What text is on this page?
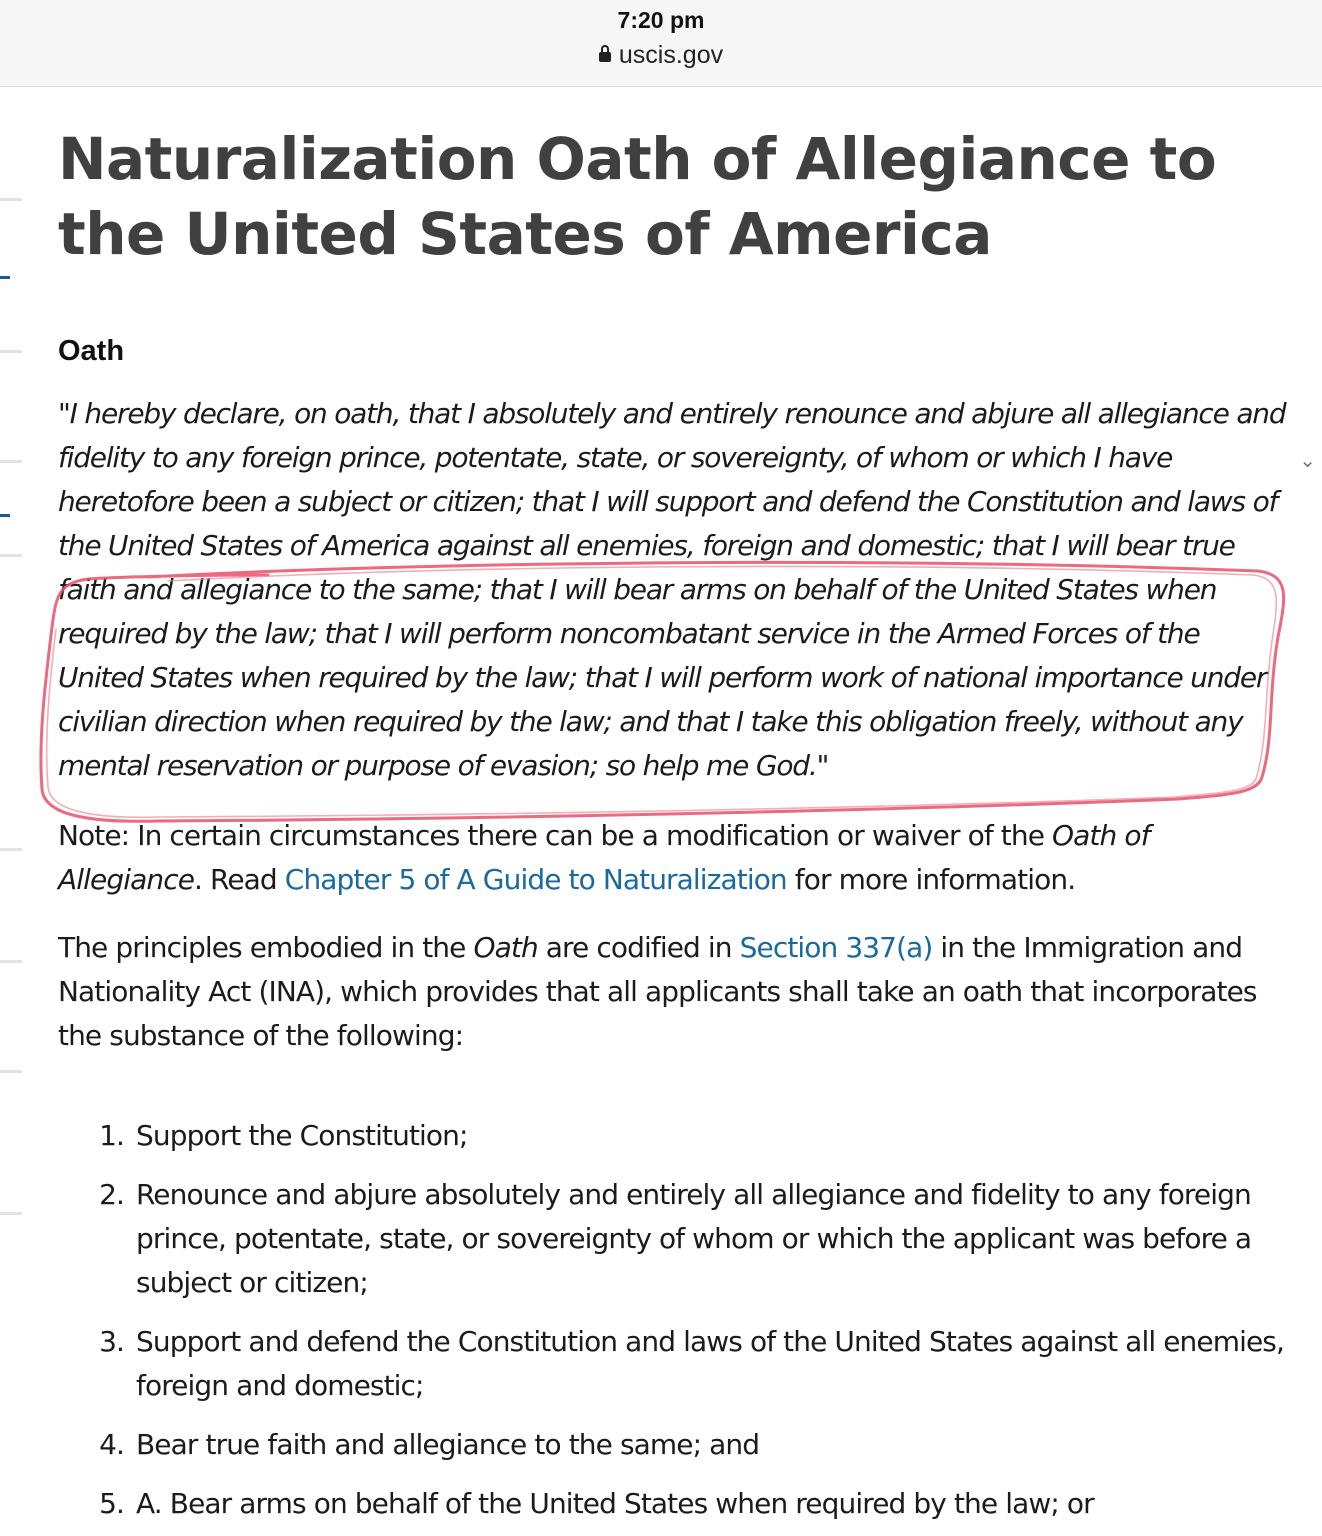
7:20 pm
uscis.gov
⌄
Naturalization Oath of Allegiance to the United States of America
Oath

"I hereby declare, on oath, that I absolutely and entirely renounce and abjure all allegiance and fidelity to any foreign prince, potentate, state, or sovereignty, of whom or which I have heretofore been a subject or citizen; that I will support and defend the Constitution and laws of the United States of America against all enemies, foreign and domestic; that I will bear true faith and allegiance to the same; that I will bear arms on behalf of the United States when required by the law; that I will perform noncombatant service in the Armed Forces of the United States when required by the law; that I will perform work of national importance under civilian direction when required by the law; and that I take this obligation freely, without any mental reservation or purpose of evasion; so help me God."

Note: In certain circumstances there can be a modification or waiver of the Oath of Allegiance. Read Chapter 5 of A Guide to Naturalization for more information.

The principles embodied in the Oath are codified in Section 337(a) in the Immigration and Nationality Act (INA), which provides that all applicants shall take an oath that incorporates the substance of the following:

1. Support the Constitution;
2. Renounce and abjure absolutely and entirely all allegiance and fidelity to any foreign prince, potentate, state, or sovereignty of whom or which the applicant was before a subject or citizen;
3. Support and defend the Constitution and laws of the United States against all enemies, foreign and domestic;
4. Bear true faith and allegiance to the same; and
5. A. Bear arms on behalf of the United States when required by the law; or
